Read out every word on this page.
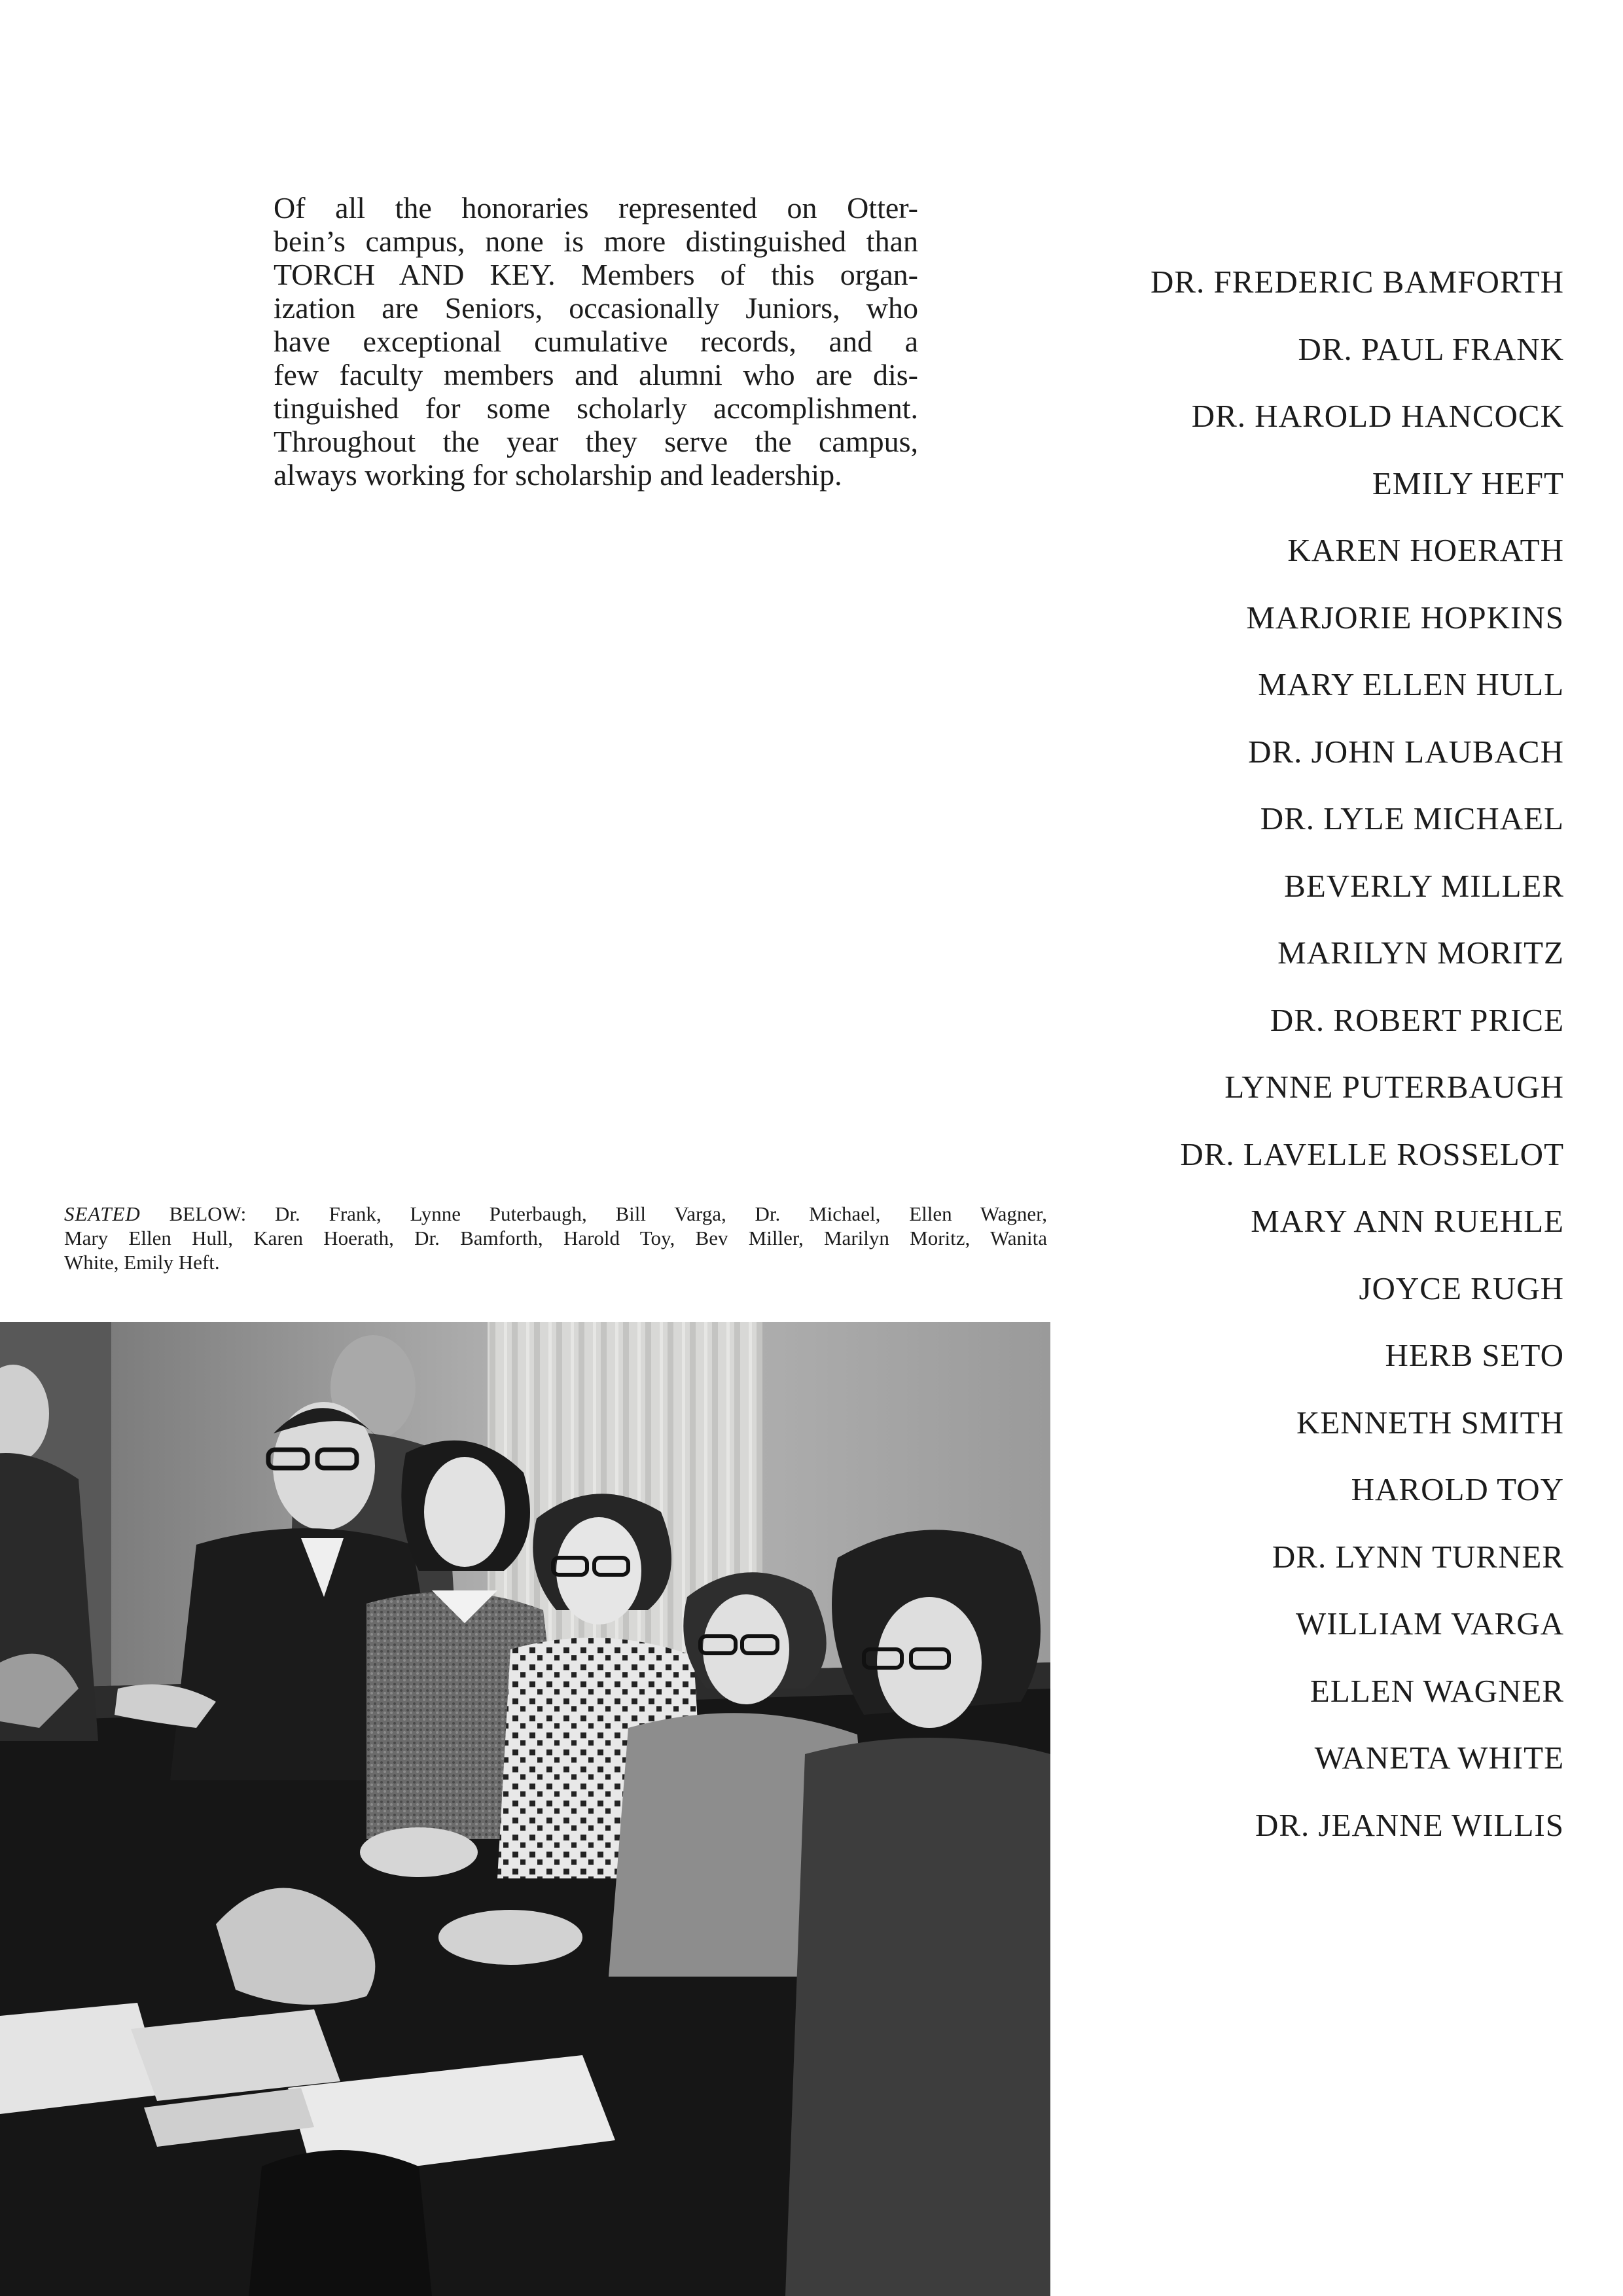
Of all the honoraries represented on Otter-
bein’s campus, none is more distinguished than
TORCH AND KEY. Members of this organ-
ization are Seniors, occasionally Juniors, who
have exceptional cumulative records, and a
few faculty members and alumni who are dis-
tinguished for some scholarly accomplishment.
Throughout the year they serve the campus,
always working for scholarship and leadership.
DR. FREDERIC BAMFORTH
DR. PAUL FRANK
DR. HAROLD HANCOCK
EMILY HEFT
KAREN HOERATH
MARJORIE HOPKINS
MARY ELLEN HULL
DR. JOHN LAUBACH
DR. LYLE MICHAEL
BEVERLY MILLER
MARILYN MORITZ
DR. ROBERT PRICE
LYNNE PUTERBAUGH
DR. LAVELLE ROSSELOT
MARY ANN RUEHLE
JOYCE RUGH
HERB SETO
KENNETH SMITH
HAROLD TOY
DR. LYNN TURNER
WILLIAM VARGA
ELLEN WAGNER
WANETA WHITE
DR. JEANNE WILLIS
SEATED BELOW: Dr. Frank, Lynne Puterbaugh, Bill Varga, Dr. Michael, Ellen Wagner,
Mary Ellen Hull, Karen Hoerath, Dr. Bamforth, Harold Toy, Bev Miller, Marilyn Moritz, Wanita
White, Emily Heft.
